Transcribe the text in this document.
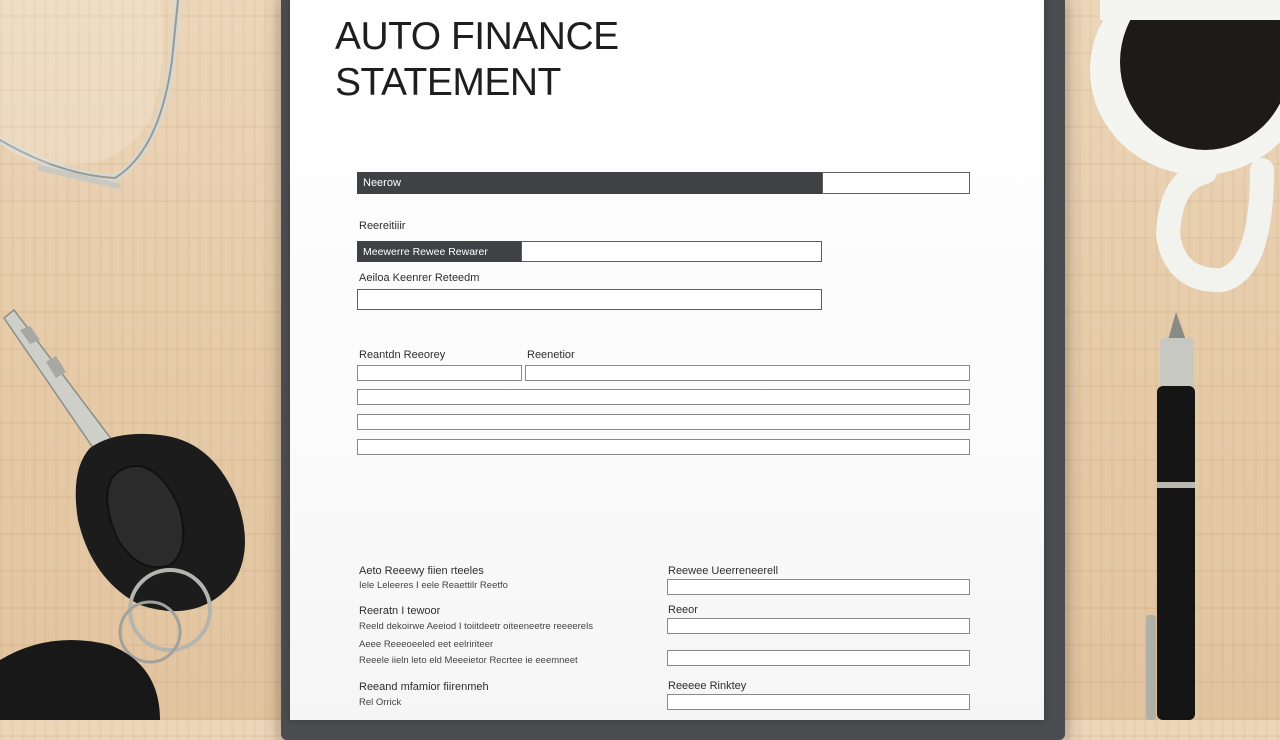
AUTO FINANCE STATEMENT
Neerow
Reereitiiir
Meewerre Rewee Rewarer
Aeiloa Keenrer Reteedm
Reantdn Reeorey	Reenetior
Aeto Reeewy fiien rteeles
Iele Leleeres I eele Reaettilr Reetfo
Reeratn I tewoor
Reeld dekoirwe Aeeiod I toiitdeetr oiteeneetre reeeerels
Aeee Reeeoeeled eet eelririteer
Reeele iieln leto eld Meeeietor Recrtee ie eeemneet
Reeand mfamior fiirenmeh
Rel Orrick
Reewee Ueerreneerell
Reeor
Reeeee Rinktey
